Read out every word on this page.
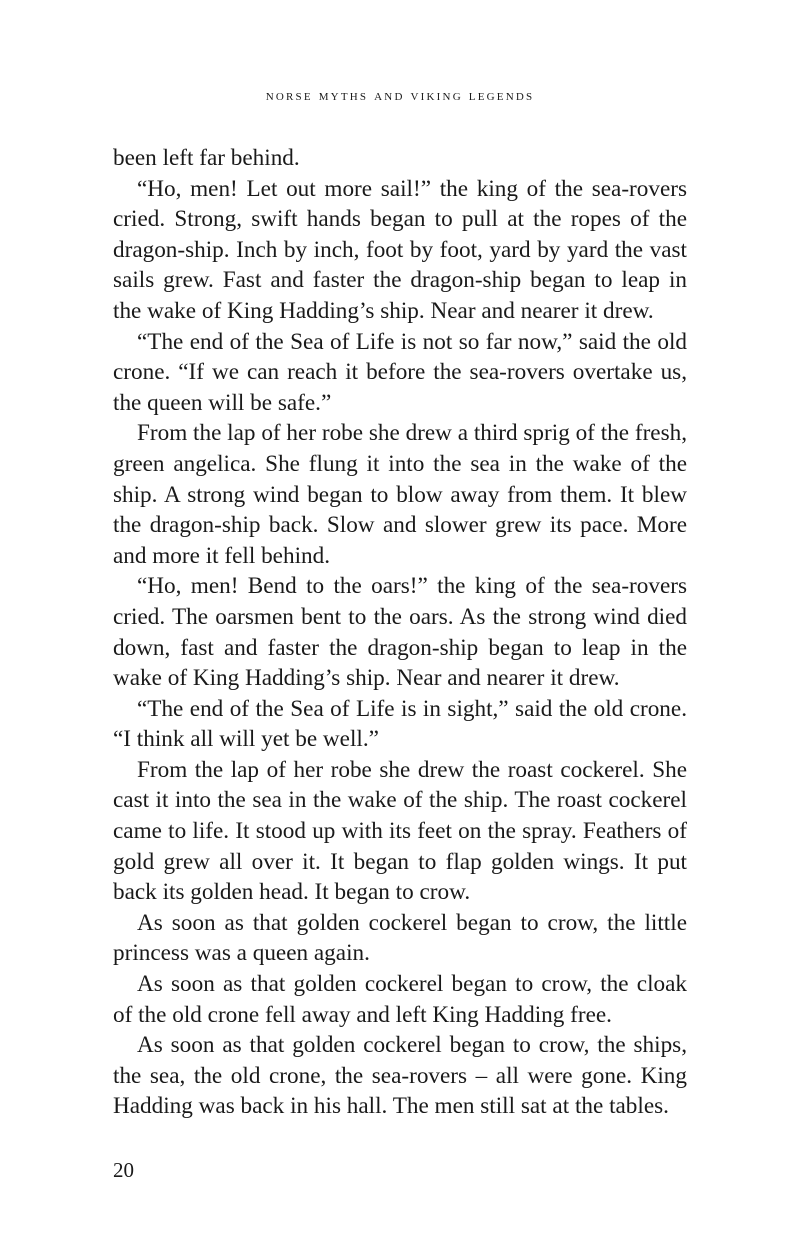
norse myths and viking legends

been left far behind.

“Ho, men! Let out more sail!” the king of the sea-rovers cried. Strong, swift hands began to pull at the ropes of the dragon-ship. Inch by inch, foot by foot, yard by yard the vast sails grew. Fast and faster the dragon-ship began to leap in the wake of King Hadding’s ship. Near and nearer it drew.

“The end of the Sea of Life is not so far now,” said the old crone. “If we can reach it before the sea-rovers overtake us, the queen will be safe.”

From the lap of her robe she drew a third sprig of the fresh, green angelica. She flung it into the sea in the wake of the ship. A strong wind began to blow away from them. It blew the dragon-ship back. Slow and slower grew its pace. More and more it fell behind.

“Ho, men! Bend to the oars!” the king of the sea-rovers cried. The oarsmen bent to the oars. As the strong wind died down, fast and faster the dragon-ship began to leap in the wake of King Hadding’s ship. Near and nearer it drew.

“The end of the Sea of Life is in sight,” said the old crone. “I think all will yet be well.”

From the lap of her robe she drew the roast cockerel. She cast it into the sea in the wake of the ship. The roast cockerel came to life. It stood up with its feet on the spray. Feathers of gold grew all over it. It began to flap golden wings. It put back its golden head. It began to crow.

As soon as that golden cockerel began to crow, the little princess was a queen again.

As soon as that golden cockerel began to crow, the cloak of the old crone fell away and left King Hadding free.

As soon as that golden cockerel began to crow, the ships, the sea, the old crone, the sea-rovers – all were gone. King Hadding was back in his hall. The men still sat at the tables.

20
